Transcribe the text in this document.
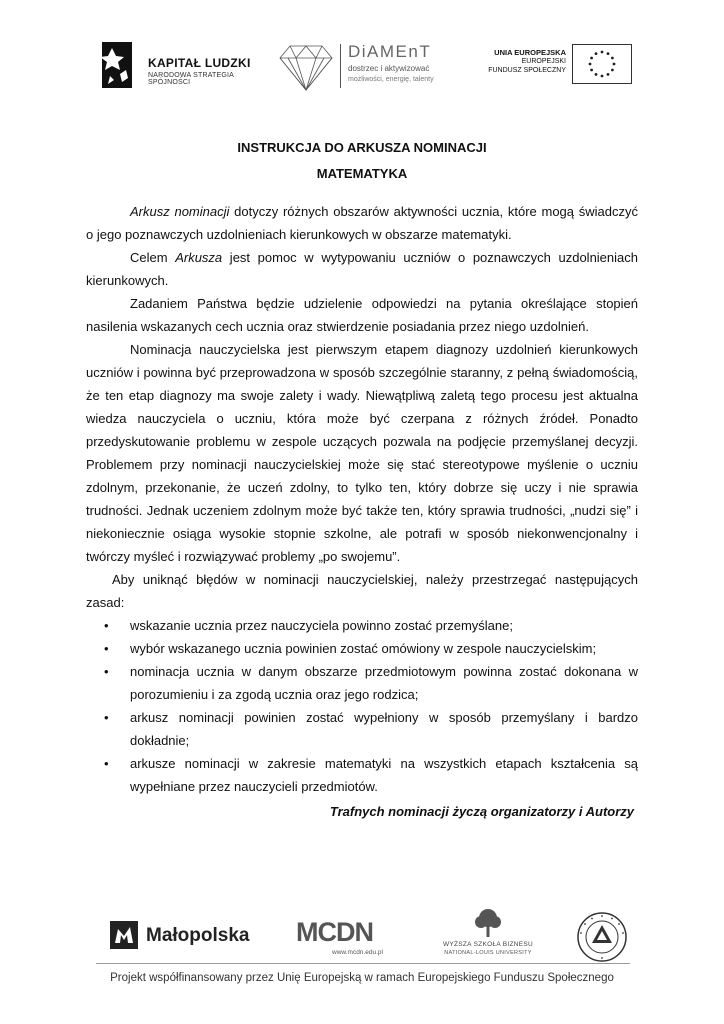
KAPITAŁ LUDZKI
NARODOWA STRATEGIA SPÓJNOŚCI
DiAMEnT
dostrzec i aktywizować
możliwości, energię, talenty
UNIA EUROPEJSKA
EUROPEJSKI
FUNDUSZ SPOŁECZNY
INSTRUKCJA DO ARKUSZA NOMINACJI
MATEMATYKA

Arkusz nominacji dotyczy różnych obszarów aktywności ucznia, które mogą świadczyć o jego poznawczych uzdolnieniach kierunkowych w obszarze matematyki.

Celem Arkusza jest pomoc w wytypowaniu uczniów o poznawczych uzdolnieniach kierunkowych.

Zadaniem Państwa będzie udzielenie odpowiedzi na pytania określające stopień nasilenia wskazanych cech ucznia oraz stwierdzenie posiadania przez niego uzdolnień.

Nominacja nauczycielska jest pierwszym etapem diagnozy uzdolnień kierunkowych uczniów i powinna być przeprowadzona w sposób szczególnie staranny, z pełną świadomością, że ten etap diagnozy ma swoje zalety i wady. Niewątpliwą zaletą tego procesu jest aktualna wiedza nauczyciela o uczniu, która może być czerpana z różnych źródeł. Ponadto przedyskutowanie problemu w zespole uczących pozwala na podjęcie przemyślanej decyzji. Problemem przy nominacji nauczycielskiej może się stać stereotypowe myślenie o uczniu zdolnym, przekonanie, że uczeń zdolny, to tylko ten, który dobrze się uczy i nie sprawia trudności. Jednak uczeniem zdolnym może być także ten, który sprawia trudności, „nudzi się” i niekoniecznie osiąga wysokie stopnie szkolne, ale potrafi w sposób niekonwencjonalny i twórczy myśleć i rozwiązywać problemy „po swojemu”.

Aby uniknąć błędów w nominacji nauczycielskiej, należy przestrzegać następujących zasad:

• wskazanie ucznia przez nauczyciela powinno zostać przemyślane;
• wybór wskazanego ucznia powinien zostać omówiony w zespole nauczycielskim;
• nominacja ucznia w danym obszarze przedmiotowym powinna zostać dokonana w porozumieniu i za zgodą ucznia oraz jego rodzica;
• arkusz nominacji powinien zostać wypełniony w sposób przemyślany i bardzo dokładnie;
• arkusze nominacji w zakresie matematyki na wszystkich etapach kształcenia są wypełniane przez nauczycieli przedmiotów.
Trafnych nominacji życzą organizatorzy i Autorzy
Małopolska MCDN
www.mcdn.edu.pl
WYŻSZA SZKOŁA BIZNESU
NATIONAL-LOUIS UNIVERSITY
Projekt współfinansowany przez Unię Europejską w ramach Europejskiego Funduszu Społecznego
